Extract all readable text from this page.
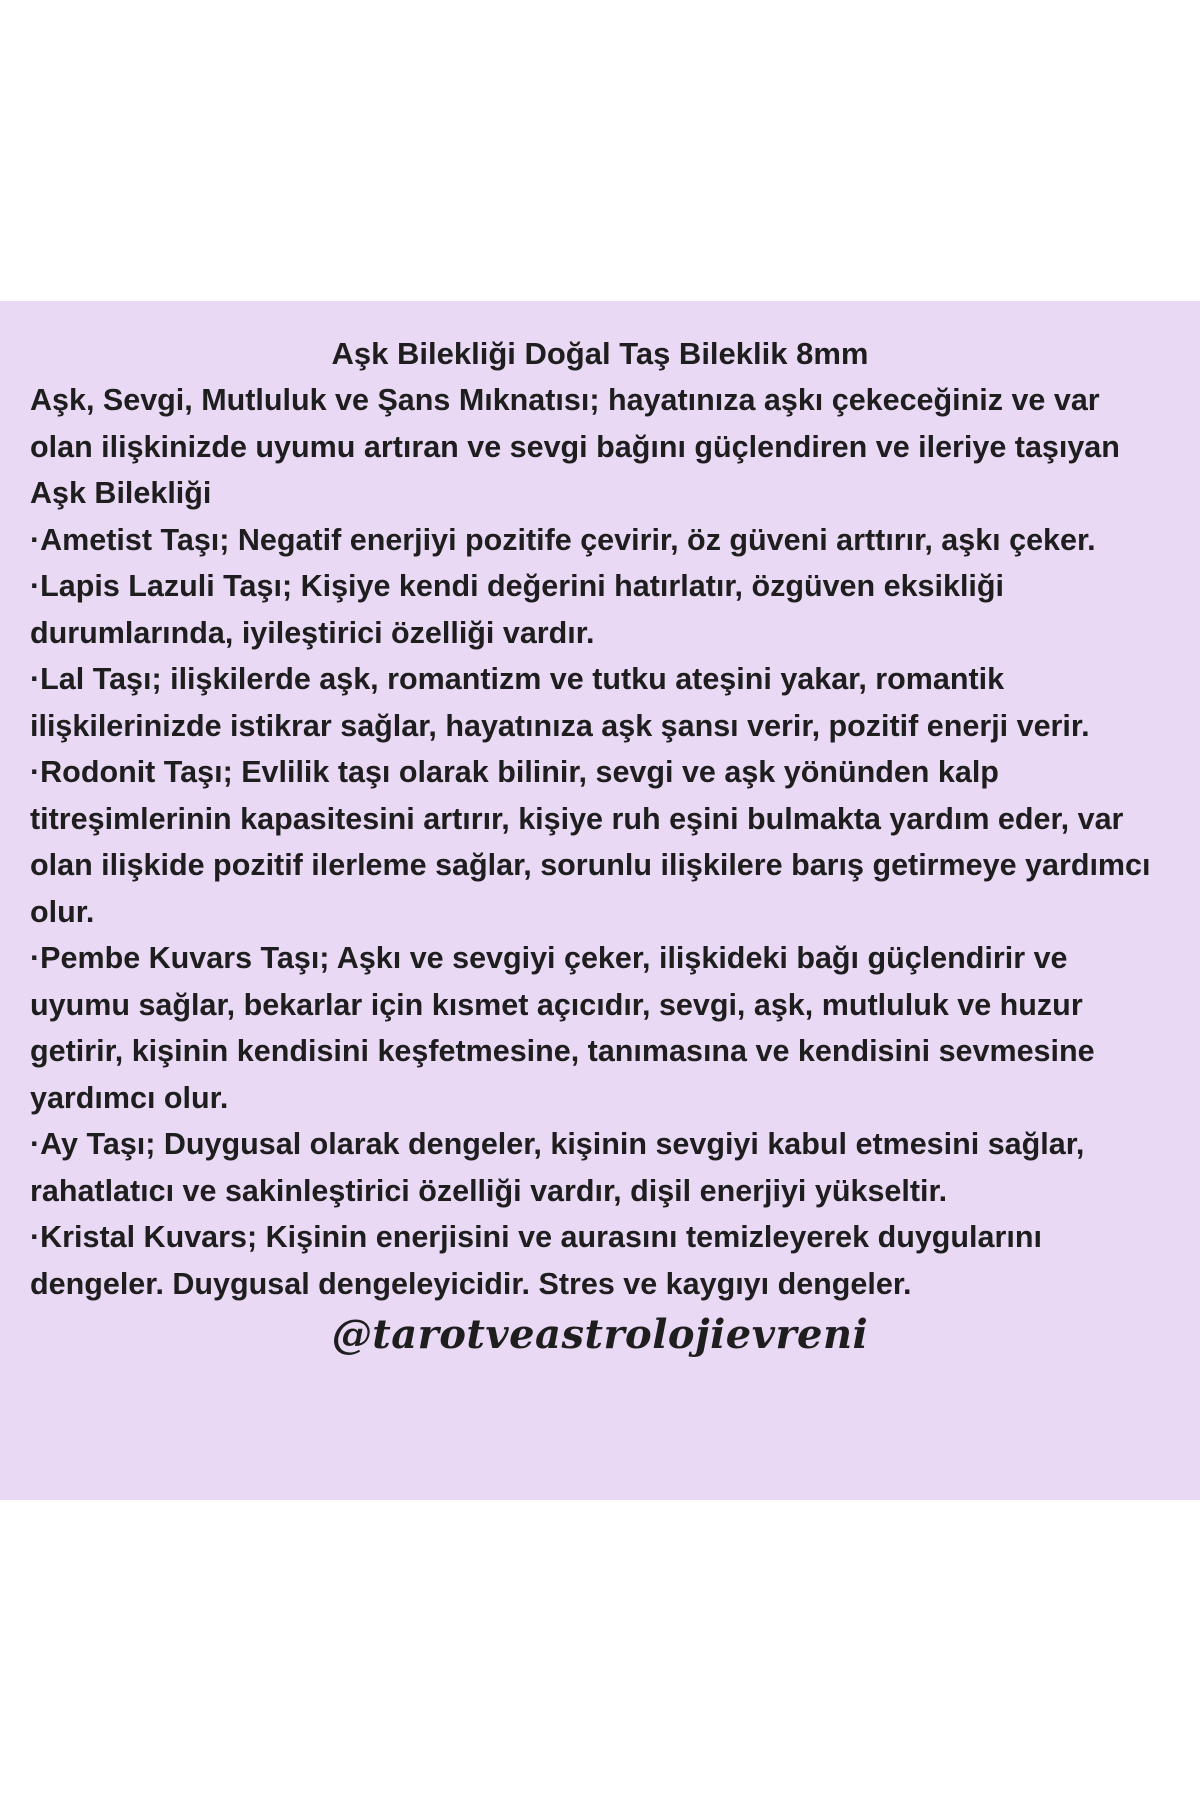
Aşk Bilekliği Doğal Taş Bileklik 8mm

Aşk, Sevgi, Mutluluk ve Şans Mıknatısı; hayatınıza aşkı çekeceğiniz ve var olan ilişkinizde uyumu artıran ve sevgi bağını güçlendiren ve ileriye taşıyan Aşk Bilekliği

·Ametist Taşı; Negatif enerjiyi pozitife çevirir, öz güveni arttırır, aşkı çeker.

·Lapis Lazuli Taşı; Kişiye kendi değerini hatırlatır, özgüven eksikliği durumlarında, iyileştirici özelliği vardır.

·Lal Taşı; ilişkilerde aşk, romantizm ve tutku ateşini yakar, romantik ilişkilerinizde istikrar sağlar, hayatınıza aşk şansı verir, pozitif enerji verir.

·Rodonit Taşı; Evlilik taşı olarak bilinir, sevgi ve aşk yönünden kalp titreşimlerinin kapasitesini artırır, kişiye ruh eşini bulmakta yardım eder, var olan ilişkide pozitif ilerleme sağlar, sorunlu ilişkilere barış getirmeye yardımcı olur.

·Pembe Kuvars Taşı; Aşkı ve sevgiyi çeker, ilişkideki bağı güçlendirir ve uyumu sağlar, bekarlar için kısmet açıcıdır, sevgi, aşk, mutluluk ve huzur getirir, kişinin kendisini keşfetmesine, tanımasına ve kendisini sevmesine yardımcı olur.

·Ay Taşı; Duygusal olarak dengeler, kişinin sevgiyi kabul etmesini sağlar, rahatlatıcı ve sakinleştirici özelliği vardır, dişil enerjiyi yükseltir.

·Kristal Kuvars; Kişinin enerjisini ve aurasını temizleyerek duygularını dengeler. Duygusal dengeleyicidir. Stres ve kaygıyı dengeler.

@tarotveastrolojievreni
